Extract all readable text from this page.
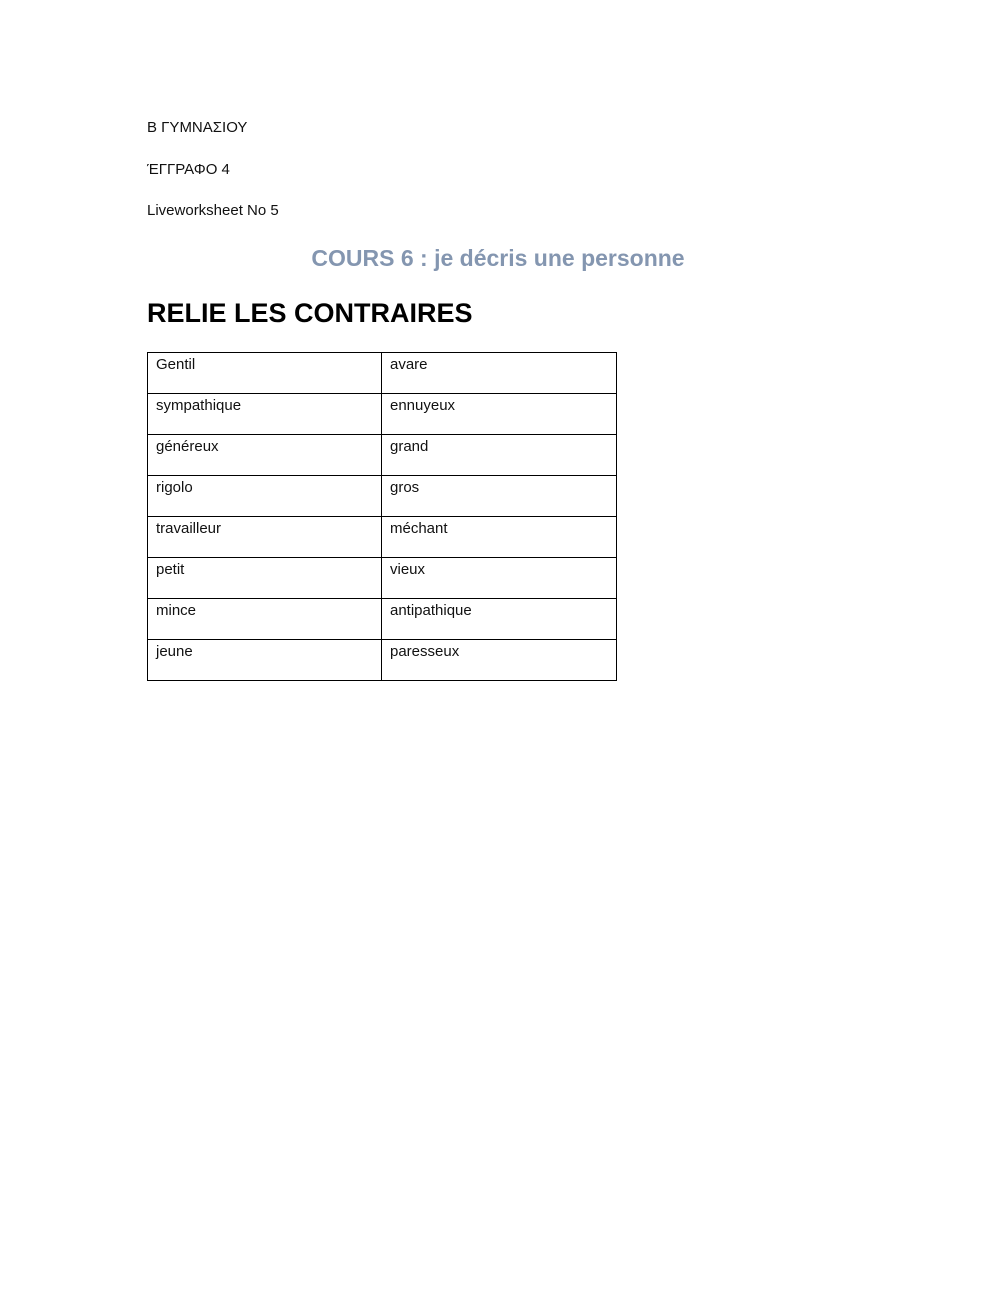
Β ΓΥΜΝΑΣΙΟΥ
ΈΓΓΡΑΦΟ 4
Liveworksheet No 5
COURS 6 : je décris une personne
RELIE LES CONTRAIRES
Gentil	avare
sympathique	ennuyeux
généreux	grand
rigolo	gros
travailleur	méchant
petit	vieux
mince	antipathique
jeune	paresseux
